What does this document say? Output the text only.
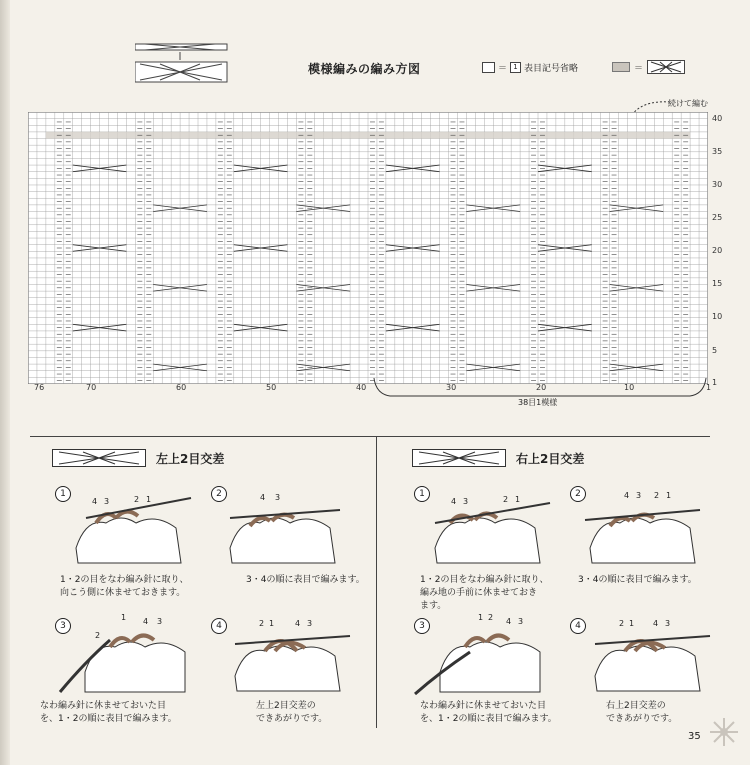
模様編みの編み方図	＝ 1 表目記号省略	＝
続けて編む
76	70	60	50	40	30	20	10	1
40
35
30
25
20
15
10
5
1
38目1模様
左上2目交差
1
4 3	2 1
1・2の目をなわ編み針に取り、
向こう側に休ませておきます。
2	4 3
3・4の順に表目で編みます。
3
1 4 3
2
なわ編み針に休ませておいた目
を、1・2の順に表目で編みます。
4	2 1	4 3
左上2目交差の
できあがりです。
右上2目交差
1
4 3	2 1
1・2の目をなわ編み針に取り、
編み地の手前に休ませておき
ます。
2	4 3 2 1
3・4の順に表目で編みます。
3
1 2 4 3
なわ編み針に休ませておいた目
を、1・2の順に表目で編みます。
4	2 1 4 3
右上2目交差の
できあがりです。
35
